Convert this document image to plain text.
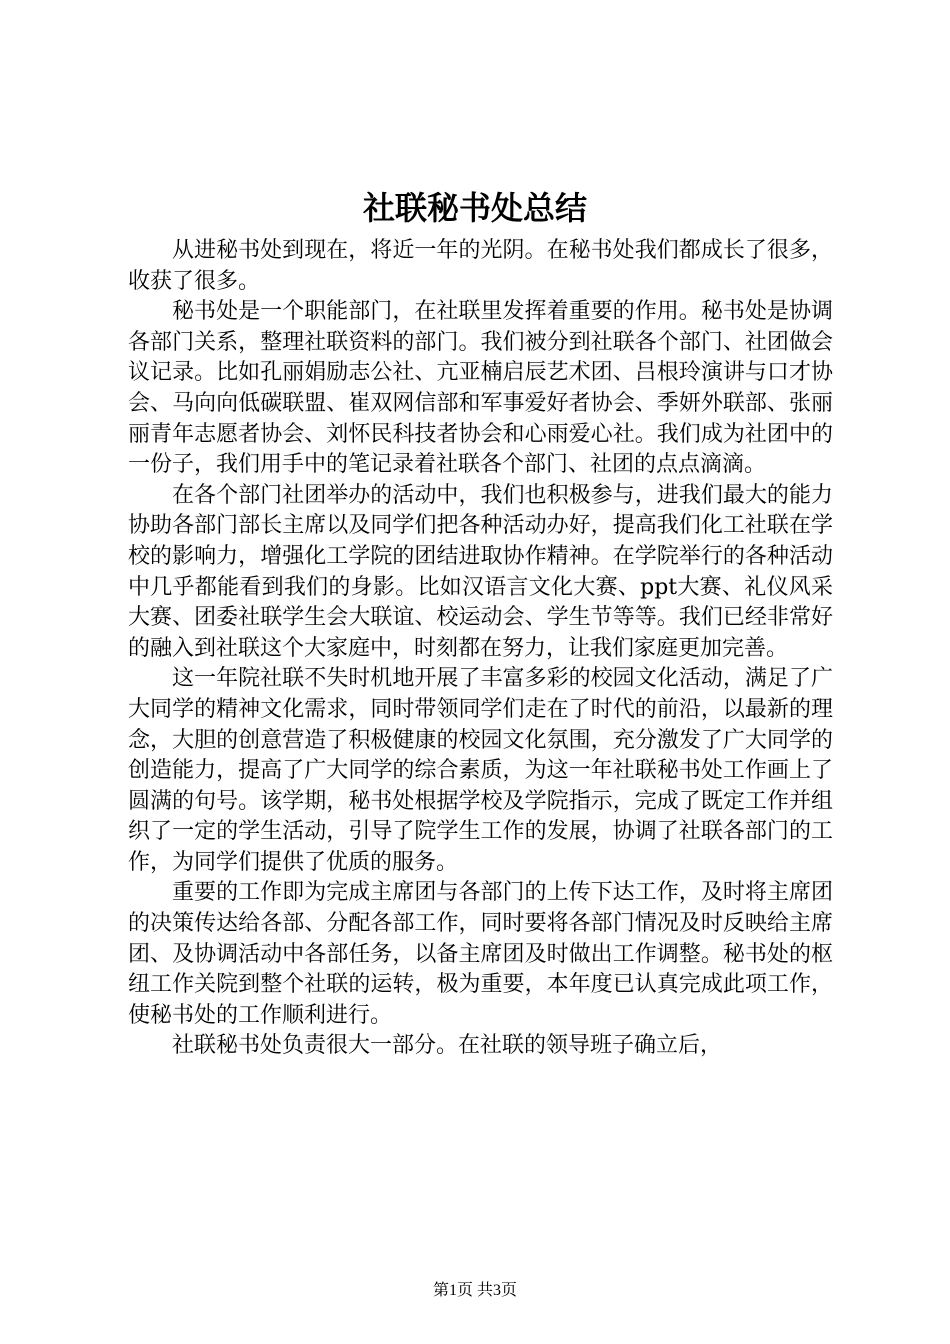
社联秘书处总结

从进秘书处到现在，将近一年的光阴。在秘书处我们都成长了很多，收获了很多。

秘书处是一个职能部门，在社联里发挥着重要的作用。秘书处是协调各部门关系，整理社联资料的部门。我们被分到社联各个部门、社团做会议记录。比如孔丽娟励志公社、亢亚楠启辰艺术团、吕根玲演讲与口才协会、马向向低碳联盟、崔双网信部和军事爱好者协会、季妍外联部、张丽丽青年志愿者协会、刘怀民科技者协会和心雨爱心社。我们成为社团中的一份子，我们用手中的笔记录着社联各个部门、社团的点点滴滴。

在各个部门社团举办的活动中，我们也积极参与，进我们最大的能力协助各部门部长主席以及同学们把各种活动办好，提高我们化工社联在学校的影响力，增强化工学院的团结进取协作精神。在学院举行的各种活动中几乎都能看到我们的身影。比如汉语言文化大赛、ppt大赛、礼仪风采大赛、团委社联学生会大联谊、校运动会、学生节等等。我们已经非常好的融入到社联这个大家庭中，时刻都在努力，让我们家庭更加完善。

这一年院社联不失时机地开展了丰富多彩的校园文化活动，满足了广大同学的精神文化需求，同时带领同学们走在了时代的前沿，以最新的理念，大胆的创意营造了积极健康的校园文化氛围，充分激发了广大同学的创造能力，提高了广大同学的综合素质，为这一年社联秘书处工作画上了圆满的句号。该学期，秘书处根据学校及学院指示，完成了既定工作并组织了一定的学生活动，引导了院学生工作的发展，协调了社联各部门的工作，为同学们提供了优质的服务。

重要的工作即为完成主席团与各部门的上传下达工作，及时将主席团的决策传达给各部、分配各部工作，同时要将各部门情况及时反映给主席团、及协调活动中各部任务，以备主席团及时做出工作调整。秘书处的枢纽工作关院到整个社联的运转，极为重要，本年度已认真完成此项工作，使秘书处的工作顺利进行。

社联秘书处负责很大一部分。在社联的领导班子确立后，

第1页 共3页
